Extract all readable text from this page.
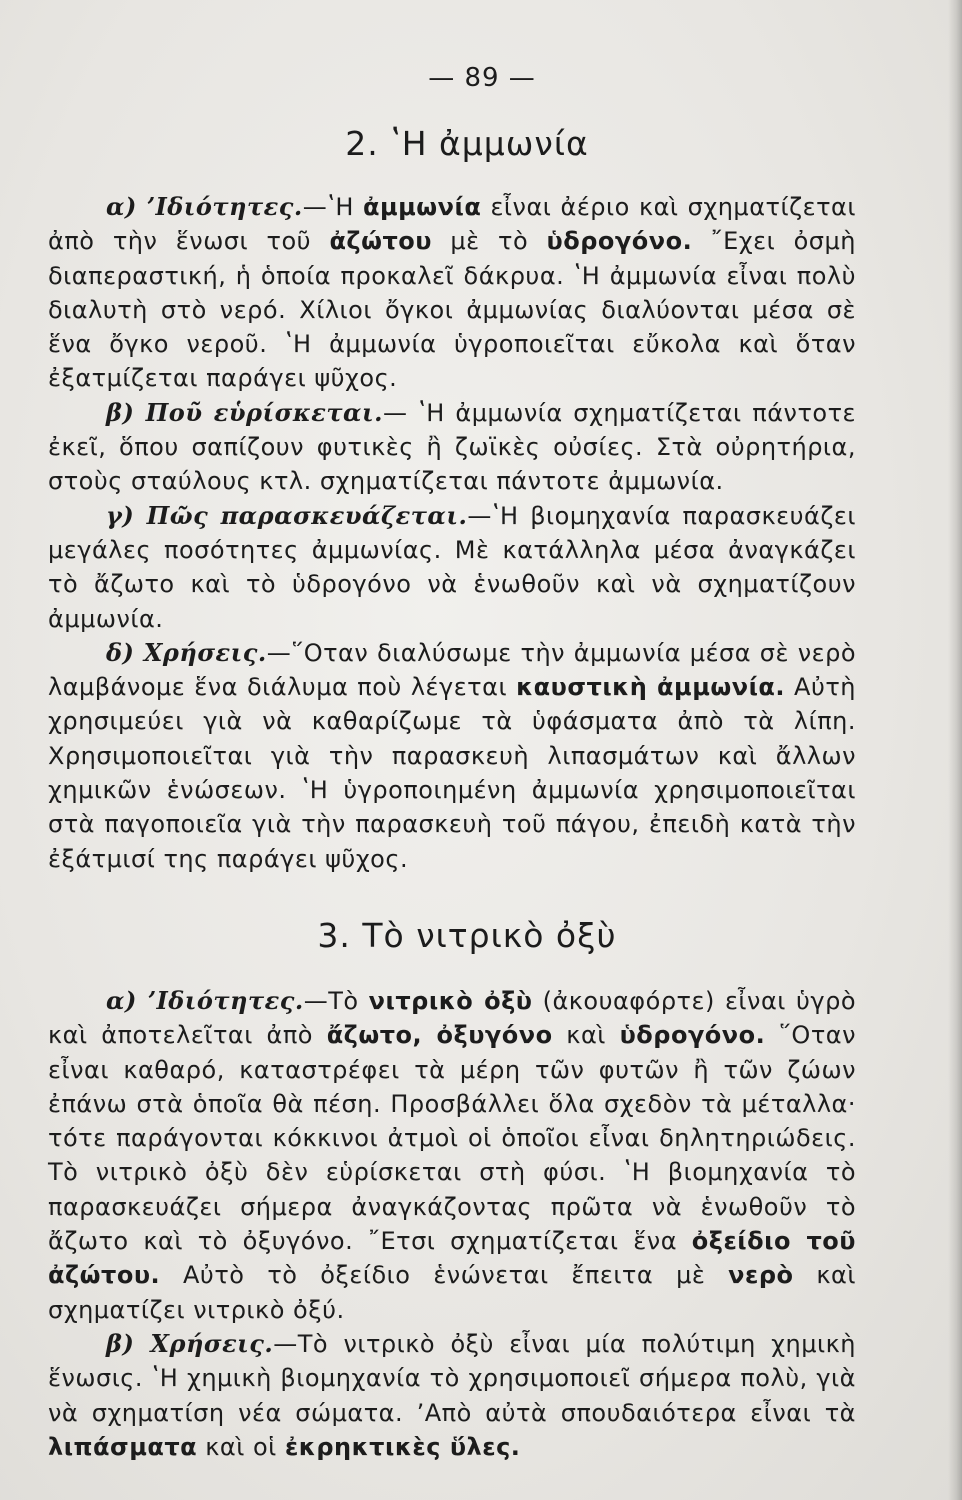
— 89 —
2. ʽΗ ἀμμωνία

α) ʼΙδιότητες.—ʽΗ ἀμμωνία εἶναι ἀέριο καὶ σχηματίζεται ἀπὸ τὴν ἕνωσι τοῦ ἀζώτου μὲ τὸ ὑδρογόνο. ῎Εχει ὀσμὴ διαπεραστική, ἡ ὁποία προκαλεῖ δάκρυα. ʽΗ ἀμμωνία εἶναι πολὺ διαλυτὴ στὸ νερό. Χίλιοι ὄγκοι ἀμμωνίας διαλύονται μέσα σὲ ἕνα ὄγκο νεροῦ. ʽΗ ἀμμωνία ὑγροποιεῖται εὔκολα καὶ ὅταν ἐξατμίζεται παράγει ψῦχος.

β) Ποῦ εὑρίσκεται.— ʽΗ ἀμμωνία σχηματίζεται πάντοτε ἐκεῖ, ὅπου σαπίζουν φυτικὲς ἢ ζωϊκὲς οὐσίες. Στὰ οὐρητήρια, στοὺς σταύλους κτλ. σχηματίζεται πάντοτε ἀμμωνία.

γ) Πῶς παρασκευάζεται.—ʽΗ βιομηχανία παρασκευάζει μεγάλες ποσότητες ἀμμωνίας. Μὲ κατάλληλα μέσα ἀναγκάζει τὸ ἄζωτο καὶ τὸ ὑδρογόνο νὰ ἑνωθοῦν καὶ νὰ σχηματίζουν ἀμμωνία.

δ) Χρήσεις.—῞Οταν διαλύσωμε τὴν ἀμμωνία μέσα σὲ νερὸ λαμβάνομε ἕνα διάλυμα ποὺ λέγεται καυστικὴ ἀμμωνία. Αὐτὴ χρησιμεύει γιὰ νὰ καθαρίζωμε τὰ ὑφάσματα ἀπὸ τὰ λίπη. Χρησιμοποιεῖται γιὰ τὴν παρασκευὴ λιπασμάτων καὶ ἄλλων χημικῶν ἑνώσεων. ʽΗ ὑγροποιημένη ἀμμωνία χρησιμοποιεῖται στὰ παγοποιεῖα γιὰ τὴν παρασκευὴ τοῦ πάγου, ἐπειδὴ κατὰ τὴν ἐξάτμισί της παράγει ψῦχος.

3. Τὸ νιτρικὸ ὀξὺ

α) ʼΙδιότητες.—Τὸ νιτρικὸ ὀξὺ (ἀκουαφόρτε) εἶναι ὑγρὸ καὶ ἀποτελεῖται ἀπὸ ἄζωτο, ὀξυγόνο καὶ ὑδρογόνο. ῞Οταν εἶναι καθαρό, καταστρέφει τὰ μέρη τῶν φυτῶν ἢ τῶν ζώων ἐπάνω στὰ ὁποῖα θὰ πέση. Προσβάλλει ὅλα σχεδὸν τὰ μέταλλα· τότε παράγονται κόκκινοι ἀτμοὶ οἱ ὁποῖοι εἶναι δηλητηριώδεις. Τὸ νιτρικὸ ὀξὺ δὲν εὑρίσκεται στὴ φύσι. ʽΗ βιομηχανία τὸ παρασκευάζει σήμερα ἀναγκάζοντας πρῶτα νὰ ἑνωθοῦν τὸ ἄζωτο καὶ τὸ ὀξυγόνο. ῎Ετσι σχηματίζεται ἕνα ὀξείδιο τοῦ ἀζώτου. Αὐτὸ τὸ ὀξείδιο ἑνώνεται ἔπειτα μὲ νερὸ καὶ σχηματίζει νιτρικὸ ὀξύ.

β) Χρήσεις.—Τὸ νιτρικὸ ὀξὺ εἶναι μία πολύτιμη χημικὴ ἕνωσις. ʽΗ χημικὴ βιομηχανία τὸ χρησιμοποιεῖ σήμερα πολὺ, γιὰ νὰ σχηματίση νέα σώματα. ʼΑπὸ αὐτὰ σπουδαιότερα εἶναι τὰ λιπάσματα καὶ οἱ ἐκρηκτικὲς ὕλες.
